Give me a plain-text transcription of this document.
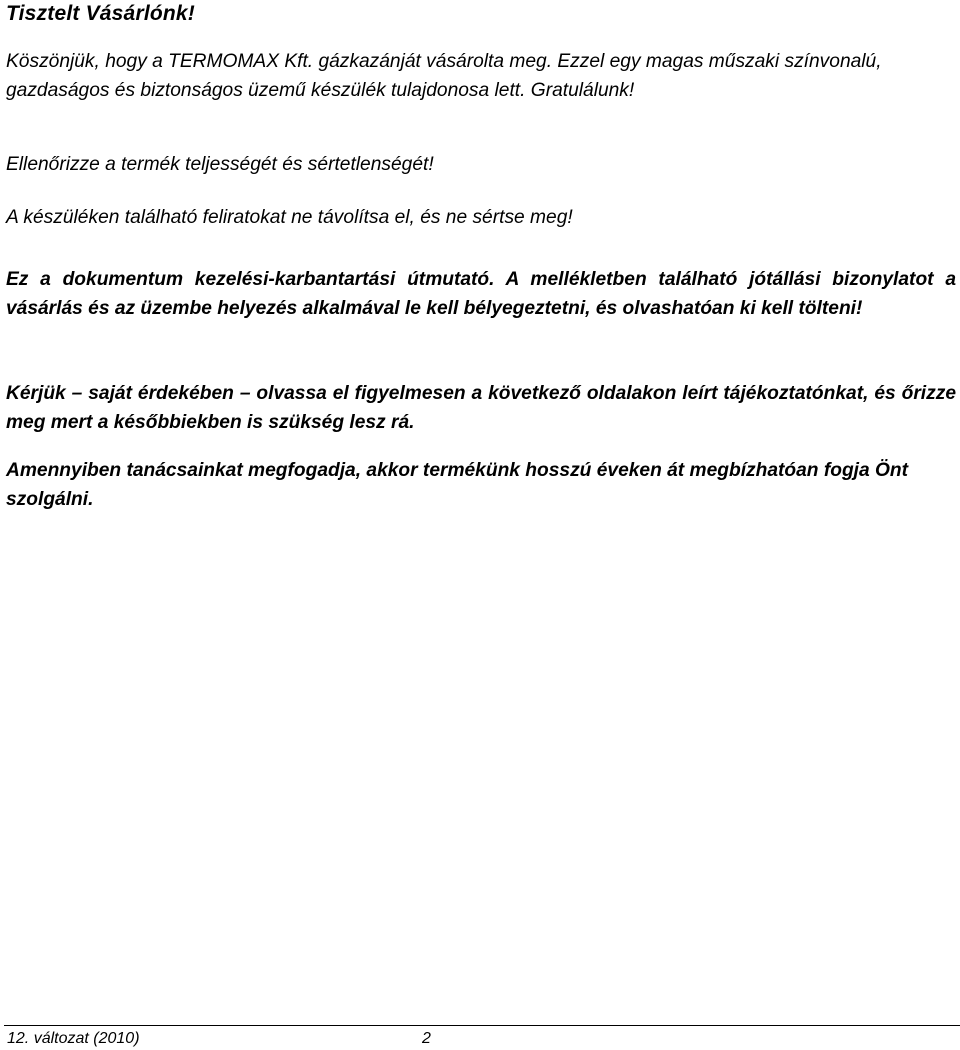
Tisztelt Vásárlónk!

Köszönjük, hogy a TERMOMAX Kft. gázkazánját vásárolta meg. Ezzel egy magas műszaki színvonalú, gazdaságos és biztonságos üzemű készülék tulajdonosa lett. Gratulálunk!

Ellenőrizze a termék teljességét és sértetlenségét!

A készüléken található feliratokat ne távolítsa el, és ne sértse meg!

Ez a dokumentum kezelési-karbantartási útmutató. A mellékletben található jótállási bizonylatot a vásárlás és az üzembe helyezés alkalmával le kell bélyegeztetni, és olvashatóan ki kell tölteni!

Kérjük – saját érdekében – olvassa el figyelmesen a következő oldalakon leírt tájékoztatónkat, és őrizze meg mert a későbbiekben is szükség lesz rá.

Amennyiben tanácsainkat megfogadja, akkor termékünk hosszú éveken át megbízhatóan fogja Önt szolgálni.

12. változat (2010)	2
